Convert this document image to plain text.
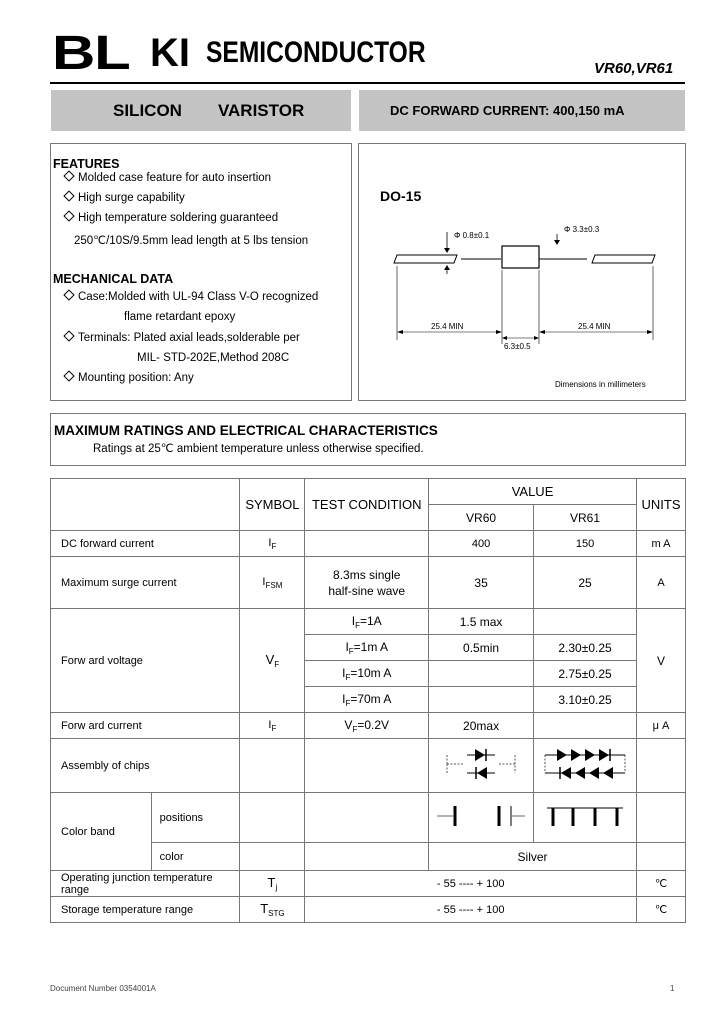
BL KI SEMICONDUCTOR	VR60,VR61
SILICON VARISTOR	DC FORWARD CURRENT: 400,150 mA
FEATURES
Molded case feature for auto insertion
High surge capability
High temperature soldering guaranteed
250℃/10S/9.5mm lead length at 5 lbs tension
MECHANICAL DATA
Case:Molded with UL-94 Class V-O recognized
flame retardant epoxy
Terminals: Plated axial leads,solderable per
MIL- STD-202E,Method 208C
Mounting position: Any
DO-15
Φ 0.8±0.1
Φ 3.3±0.3
25.4 MIN	25.4 MIN
6.3±0.5
Dimensions in millimeters
MAXIMUM RATINGS AND ELECTRICAL CHARACTERISTICS
Ratings at 25℃ ambient temperature unless otherwise specified.
		SYMBOL	TEST CONDITION	VALUE		UNITS
				VR60	VR61	
DC forward current		$I_F$		400	150	m A
Maximum surge current		$I_{FSM}$	8.3ms single
half-sine wave	35	25	A
Forw ard voltage		$V_F$	$I_F=1A$	1.5 max		V
			$I_F=1m$ A	0.5min	2.30±0.25	
			$I_F=10m$ A		2.75±0.25	
			$I_F=70m$ A		3.10±0.25	
Forw ard current		$I_F$	$V_F=0.2V$	20max		μ A
Assembly of chips					
Color band	positions					
	color			Silver		
Operating junction temperature range		$T_j$	- 55 ---- + 100			℃
Storage temperature range		$T_{STG}$	- 55 ---- + 100			℃
Document Number 0354001A	1
